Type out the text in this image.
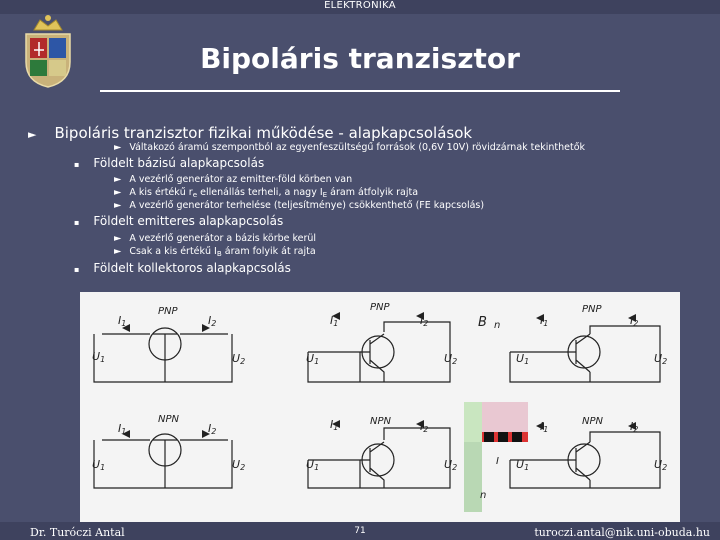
ELEKTRONIKA
Bipoláris tranzisztor
► Bipoláris tranzisztor fizikai működése - alapkapcsolások
► Váltakozó áramú szempontból az egyenfeszültségű források (0,6V 10V) rövidzárnak tekinthetők
▪ Földelt bázisú alapkapcsolás
► A vezérlő generátor az emitter-föld körben van
► A kis értékű $r_e$ ellenállás terheli, a nagy $I_E$ áram átfolyik rajta
► A vezérlő generátor terhelése (teljesítménye) csökkenthető (FE kapcsolás)
▪ Földelt emitteres alapkapcsolás
► A vezérlő generátor a bázis körbe kerül
► Csak a kis értékű $I_B$ áram folyik át rajta
▪ Földelt kollektoros alapkapcsolás
PNP	PNP	PNP
NPN	NPN	NPN
I1	I2	I1	I2	I1	I2
U1	U2	U1	U2	U1	U2
I1	I2
I1	I2	I1	I2
U1	U2	U1	U2	U1	U2
B n
I
n
Dr. Turóczi Antal	71	turoczi.antal@nik.uni-obuda.hu
